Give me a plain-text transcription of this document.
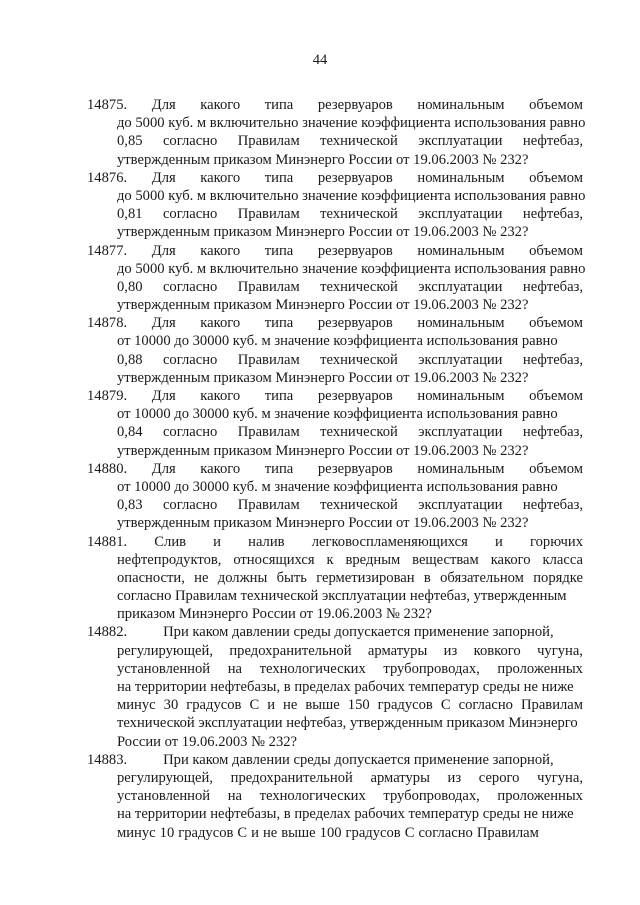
44
14875. Для какого типа резервуаров номинальным объемом
до 5000 куб. м включительно значение коэффициента использования равно
0,85 согласно Правилам технической эксплуатации нефтебаз,
утвержденным приказом Минэнерго России от 19.06.2003 № 232?
14876. Для какого типа резервуаров номинальным объемом
до 5000 куб. м включительно значение коэффициента использования равно
0,81 согласно Правилам технической эксплуатации нефтебаз,
утвержденным приказом Минэнерго России от 19.06.2003 № 232?
14877. Для какого типа резервуаров номинальным объемом
до 5000 куб. м включительно значение коэффициента использования равно
0,80 согласно Правилам технической эксплуатации нефтебаз,
утвержденным приказом Минэнерго России от 19.06.2003 № 232?
14878. Для какого типа резервуаров номинальным объемом
от 10000 до 30000 куб. м значение коэффициента использования равно
0,88 согласно Правилам технической эксплуатации нефтебаз,
утвержденным приказом Минэнерго России от 19.06.2003 № 232?
14879. Для какого типа резервуаров номинальным объемом
от 10000 до 30000 куб. м значение коэффициента использования равно
0,84 согласно Правилам технической эксплуатации нефтебаз,
утвержденным приказом Минэнерго России от 19.06.2003 № 232?
14880. Для какого типа резервуаров номинальным объемом
от 10000 до 30000 куб. м значение коэффициента использования равно
0,83 согласно Правилам технической эксплуатации нефтебаз,
утвержденным приказом Минэнерго России от 19.06.2003 № 232?
14881. Слив и налив легковоспламеняющихся и горючих
нефтепродуктов, относящихся к вредным веществам какого класса
опасности, не должны быть герметизирован в обязательном порядке
согласно Правилам технической эксплуатации нефтебаз, утвержденным
приказом Минэнерго России от 19.06.2003 № 232?
14882. При каком давлении среды допускается применение запорной,
регулирующей, предохранительной арматуры из ковкого чугуна,
установленной на технологических трубопроводах, проложенных
на территории нефтебазы, в пределах рабочих температур среды не ниже
минус 30 градусов С и не выше 150 градусов С согласно Правилам
технической эксплуатации нефтебаз, утвержденным приказом Минэнерго
России от 19.06.2003 № 232?
14883. При каком давлении среды допускается применение запорной,
регулирующей, предохранительной арматуры из серого чугуна,
установленной на технологических трубопроводах, проложенных
на территории нефтебазы, в пределах рабочих температур среды не ниже
минус 10 градусов С и не выше 100 градусов С согласно Правилам
